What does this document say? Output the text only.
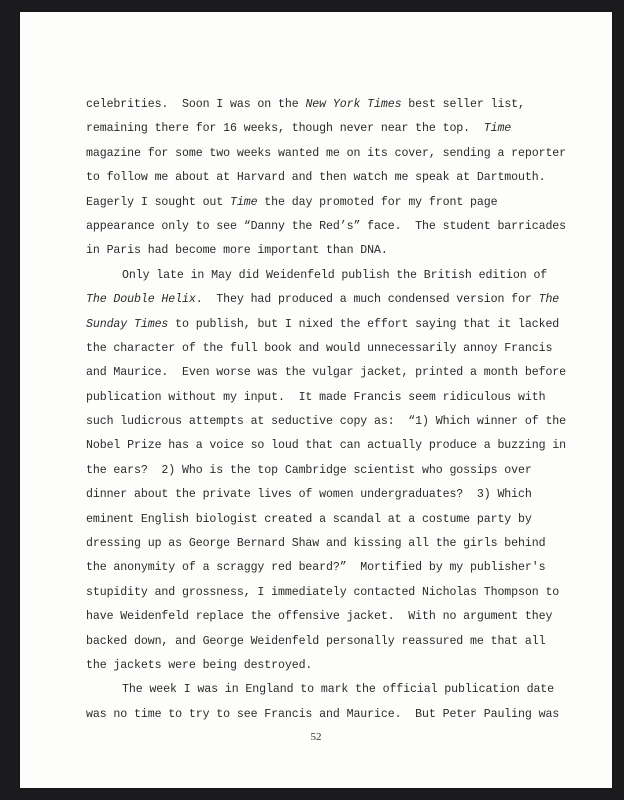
celebrities.  Soon I was on the New York Times best seller list,
remaining there for 16 weeks, though never near the top.  Time
magazine for some two weeks wanted me on its cover, sending a reporter
to follow me about at Harvard and then watch me speak at Dartmouth.
Eagerly I sought out Time the day promoted for my front page
appearance only to see “Danny the Red’s” face.  The student barricades
in Paris had become more important than DNA.
Only late in May did Weidenfeld publish the British edition of
The Double Helix.  They had produced a much condensed version for The
Sunday Times to publish, but I nixed the effort saying that it lacked
the character of the full book and would unnecessarily annoy Francis
and Maurice.  Even worse was the vulgar jacket, printed a month before
publication without my input.  It made Francis seem ridiculous with
such ludicrous attempts at seductive copy as:  “1) Which winner of the
Nobel Prize has a voice so loud that can actually produce a buzzing in
the ears?  2) Who is the top Cambridge scientist who gossips over
dinner about the private lives of women undergraduates?  3) Which
eminent English biologist created a scandal at a costume party by
dressing up as George Bernard Shaw and kissing all the girls behind
the anonymity of a scraggy red beard?”  Mortified by my publisher's
stupidity and grossness, I immediately contacted Nicholas Thompson to
have Weidenfeld replace the offensive jacket.  With no argument they
backed down, and George Weidenfeld personally reassured me that all
the jackets were being destroyed.
The week I was in England to mark the official publication date
was no time to try to see Francis and Maurice.  But Peter Pauling was
52
